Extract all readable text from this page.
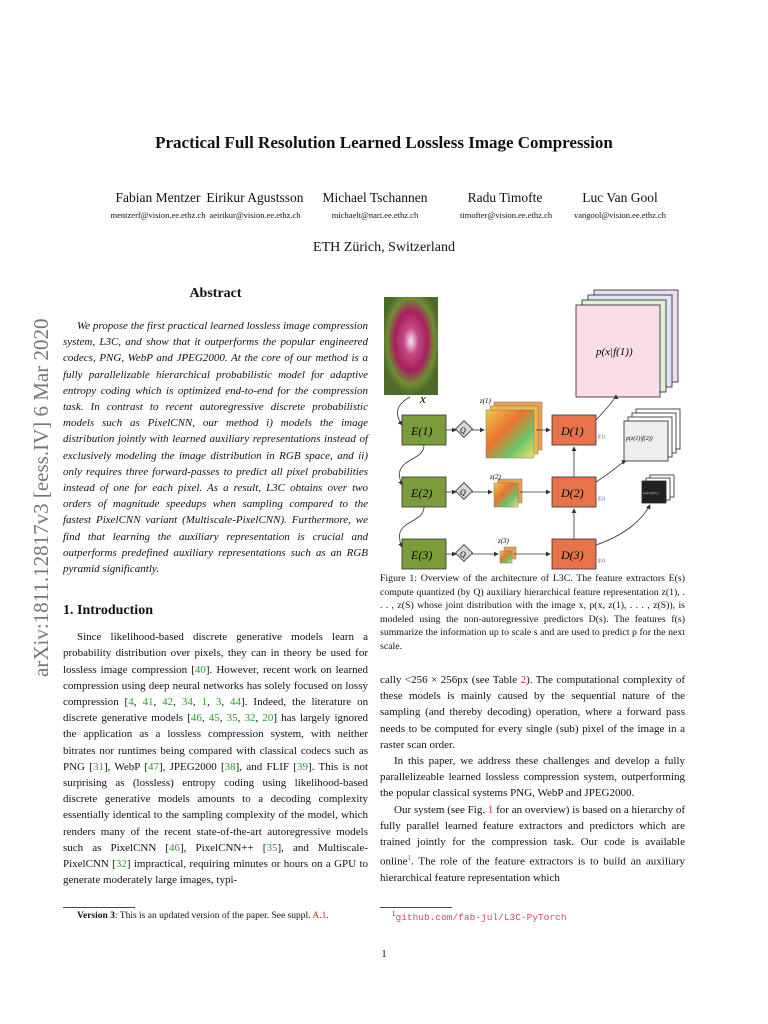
arXiv:1811.12817v3 [eess.IV] 6 Mar 2020
Practical Full Resolution Learned Lossless Image Compression
Fabian Mentzer
mentzerf@vision.ee.ethz.ch
Eirikur Agustsson
aeirikur@vision.ee.ethz.ch
Michael Tschannen
michaelt@nari.ee.ethz.ch
Radu Timofte
timofter@vision.ee.ethz.ch
Luc Van Gool
vangool@vision.ee.ethz.ch
ETH Zürich, Switzerland
Abstract

We propose the first practical learned lossless image compression system, L3C, and show that it outperforms the popular engineered codecs, PNG, WebP and JPEG2000. At the core of our method is a fully parallelizable hierarchical probabilistic model for adaptive entropy coding which is optimized end-to-end for the compression task. In contrast to recent autoregressive discrete probabilistic models such as PixelCNN, our method i) models the image distribution jointly with learned auxiliary representations instead of exclusively modeling the image distribution in RGB space, and ii) only requires three forward-passes to predict all pixel probabilities instead of one for each pixel. As a result, L3C obtains over two orders of magnitude speedups when sampling compared to the fastest PixelCNN variant (Multiscale-PixelCNN). Furthermore, we find that learning the auxiliary representation is crucial and outperforms predefined auxiliary representations such as an RGB pyramid significantly.

1. Introduction

Since likelihood-based discrete generative models learn a probability distribution over pixels, they can in theory be used for lossless image compression [40]. However, recent work on learned compression using deep neural networks has solely focused on lossy compression [4, 41, 42, 34, 1, 3, 44]. Indeed, the literature on discrete generative models [46, 45, 35, 32, 20] has largely ignored the application as a lossless compression system, with neither bitrates nor runtimes being compared with classical codecs such as PNG [31], WebP [47], JPEG2000 [38], and FLIF [39]. This is not surprising as (lossless) entropy coding using likelihood-based discrete generative models amounts to a decoding complexity essentially identical to the sampling complexity of the model, which renders many of the recent state-of-the-art autoregressive models such as PixelCNN [46], PixelCNN++ [35], and Multiscale-PixelCNN [32] impractical, requiring minutes or hours on a GPU to generate moderately large images, typi-

Version 3: This is an updated version of the paper. See suppl. A.1.
x
p(x|f(1))
E(1)	Q
z(1)
D(1)	f(1)	p(z(1)|f(2))
E(2)	Q
z(2)
D(2)	f(2)
p(z(2)|f(3))
E(3)	Q
z(3)
D(3)	f(3)
Figure 1: Overview of the architecture of L3C. The feature extractors E(s) compute quantized (by Q) auxiliary hierarchical feature representation z(1), . . . , z(S) whose joint distribution with the image x, p(x, z(1), . . . , z(S)), is modeled using the non-autoregressive predictors D(s). The features f(s) summarize the information up to scale s and are used to predict p for the next scale.

cally <256 × 256px (see Table 2). The computational complexity of these models is mainly caused by the sequential nature of the sampling (and thereby decoding) operation, where a forward pass needs to be computed for every single (sub) pixel of the image in a raster scan order.

In this paper, we address these challenges and develop a fully parallelizeable learned lossless compression system, outperforming the popular classical systems PNG, WebP and JPEG2000.

Our system (see Fig. 1 for an overview) is based on a hierarchy of fully parallel learned feature extractors and predictors which are trained jointly for the compression task. Our code is available online$^1$. The role of the feature extractors is to build an auxiliary hierarchical feature representation which

$^1$github.com/fab-jul/L3C-PyTorch
1
